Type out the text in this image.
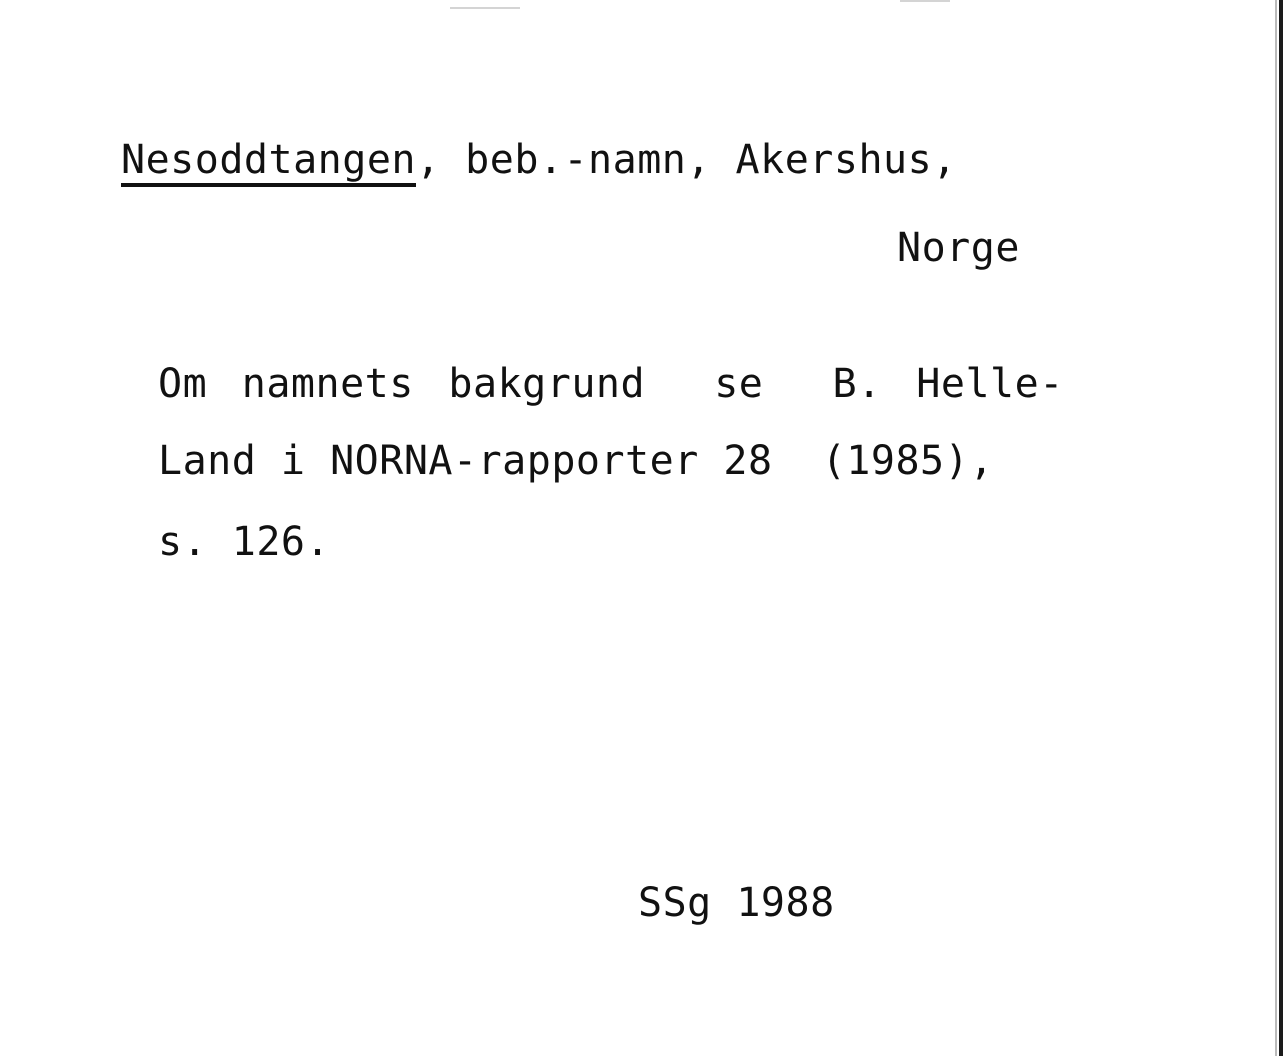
Nesoddtangen, beb.-namn, Akershus,
Norge
Om namnets bakgrund  se  B. Helle-
Land i NORNA-rapporter 28  (1985),
s. 126.
SSg 1988
